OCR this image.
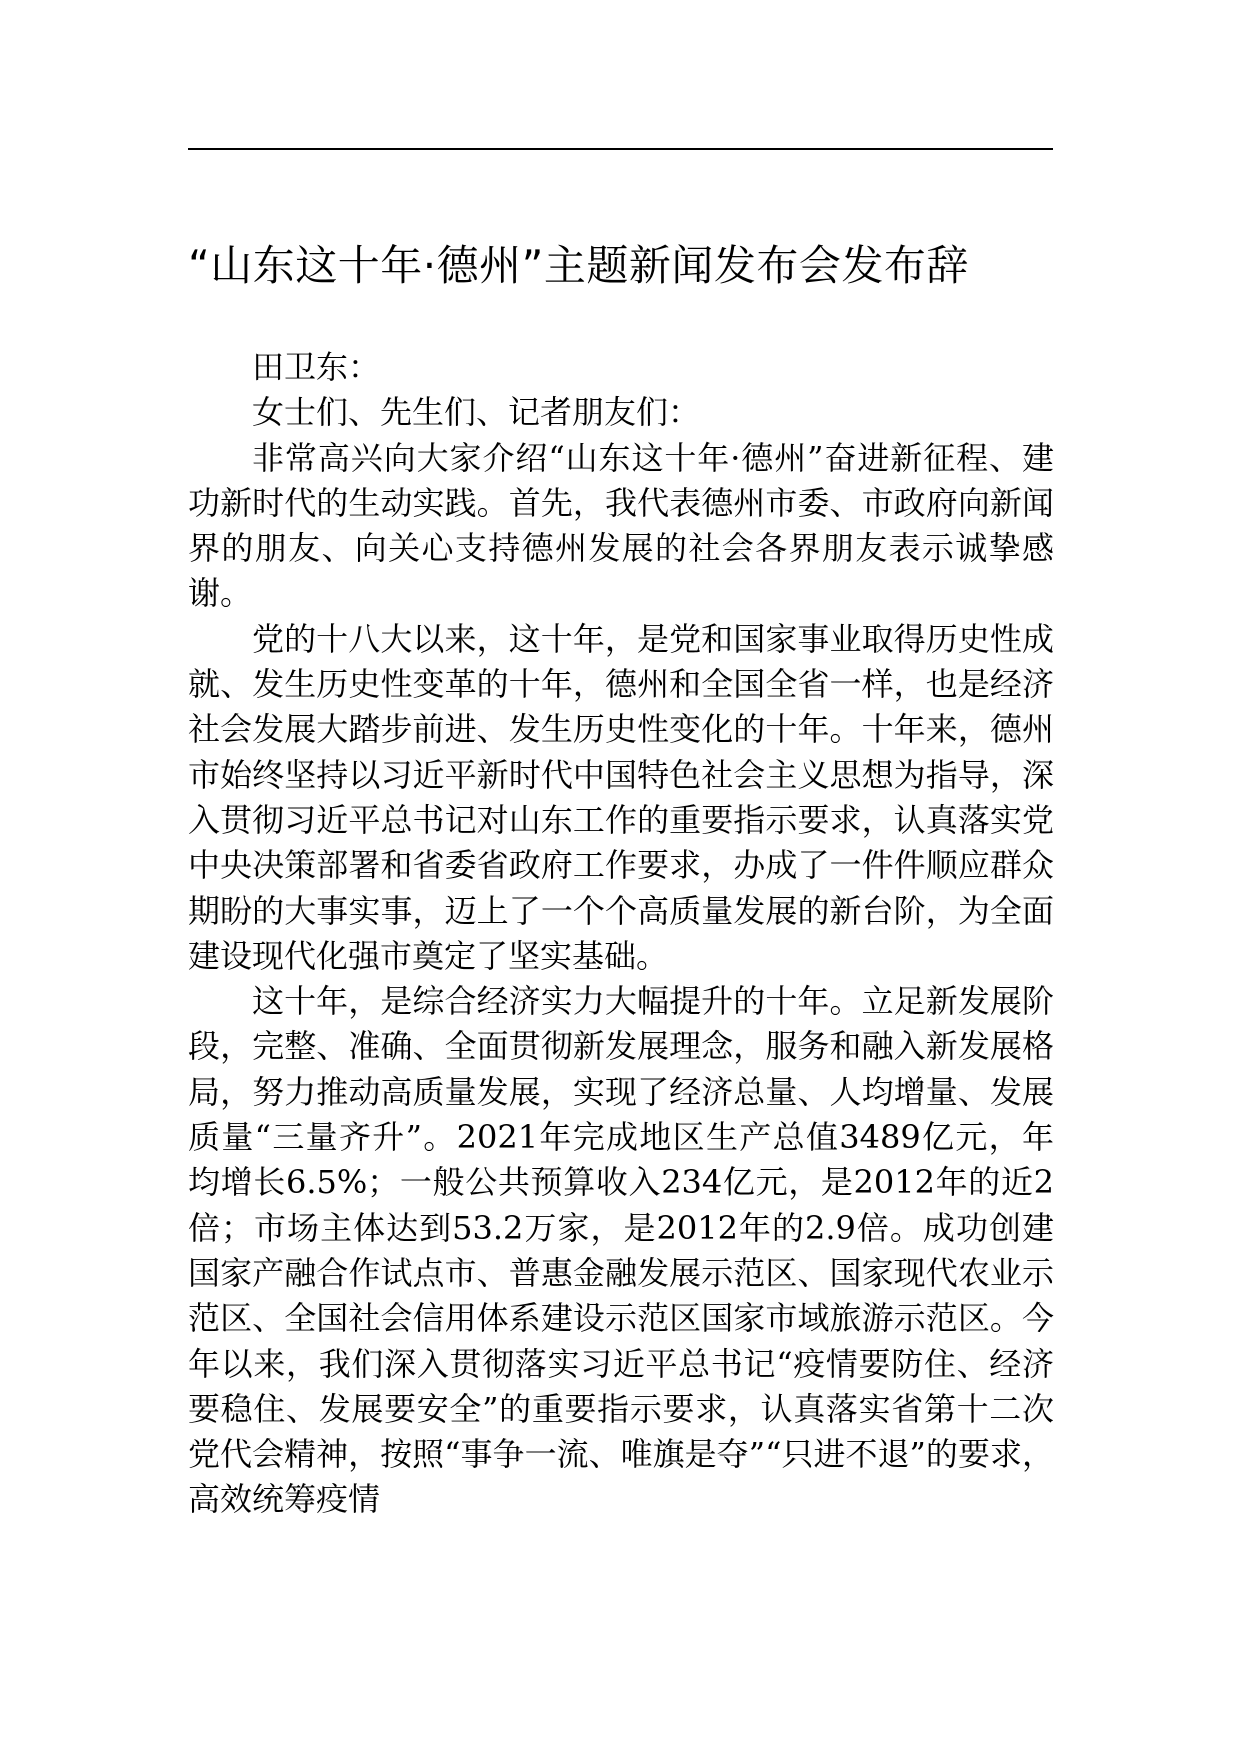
“山东这十年·德州”主题新闻发布会发布辞

田卫东：

女士们、先生们、记者朋友们：

非常高兴向大家介绍“山东这十年·德州”奋进新征程、建功新时代的生动实践。首先，我代表德州市委、市政府向新闻界的朋友、向关心支持德州发展的社会各界朋友表示诚挚感谢。

党的十八大以来，这十年，是党和国家事业取得历史性成就、发生历史性变革的十年，德州和全国全省一样，也是经济社会发展大踏步前进、发生历史性变化的十年。十年来，德州市始终坚持以习近平新时代中国特色社会主义思想为指导，深入贯彻习近平总书记对山东工作的重要指示要求，认真落实党中央决策部署和省委省政府工作要求，办成了一件件顺应群众期盼的大事实事，迈上了一个个高质量发展的新台阶，为全面建设现代化强市奠定了坚实基础。

这十年，是综合经济实力大幅提升的十年。立足新发展阶段，完整、准确、全面贯彻新发展理念，服务和融入新发展格局，努力推动高质量发展，实现了经济总量、人均增量、发展质量“三量齐升”。2021年完成地区生产总值3489亿元，年均增长6.5%；一般公共预算收入234亿元，是2012年的近2倍；市场主体达到53.2万家，是2012年的2.9倍。成功创建国家产融合作试点市、普惠金融发展示范区、国家现代农业示范区、全国社会信用体系建设示范区国家市域旅游示范区。今年以来，我们深入贯彻落实习近平总书记“疫情要防住、经济要稳住、发展要安全”的重要指示要求，认真落实省第十二次党代会精神，按照“事争一流、唯旗是夺”“只进不退”的要求，高效统筹疫情
